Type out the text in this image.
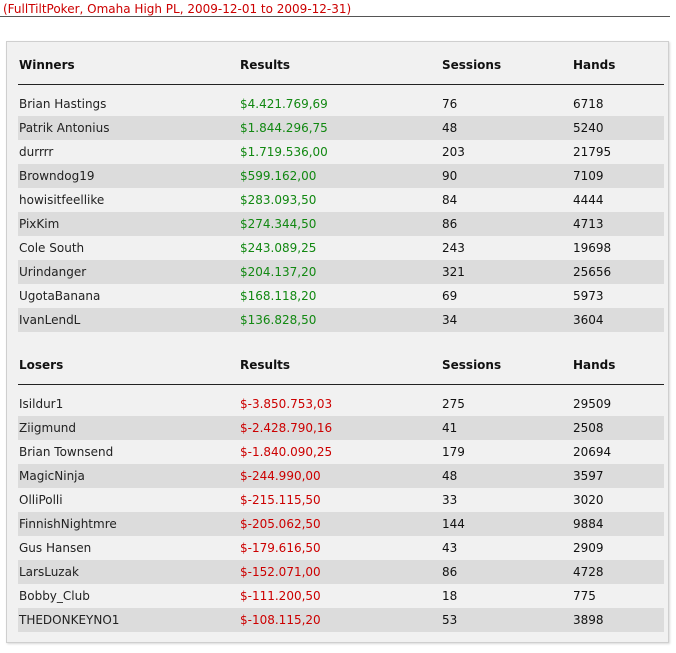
(FullTiltPoker, Omaha High PL, 2009-12-01 to 2009-12-31)
Winners	Results	Sessions	Hands

Brian Hastings	$4.421.769,69	76	6718
Patrik Antonius	$1.844.296,75	48	5240
durrrr	$1.719.536,00	203	21795
Browndog19	$599.162,00	90	7109
howisitfeellike	$283.093,50	84	4444
PixKim	$274.344,50	86	4713
Cole South	$243.089,25	243	19698
Urindanger	$204.137,20	321	25656
UgotaBanana	$168.118,20	69	5973
IvanLendL	$136.828,50	34	3604
Losers	Results	Sessions	Hands

Isildur1	$-3.850.753,03	275	29509
Ziigmund	$-2.428.790,16	41	2508
Brian Townsend	$-1.840.090,25	179	20694
MagicNinja	$-244.990,00	48	3597
OlliPolli	$-215.115,50	33	3020
FinnishNightmre	$-205.062,50	144	9884
Gus Hansen	$-179.616,50	43	2909
LarsLuzak	$-152.071,00	86	4728
Bobby_Club	$-111.200,50	18	775
THEDONKEYNO1	$-108.115,20	53	3898
